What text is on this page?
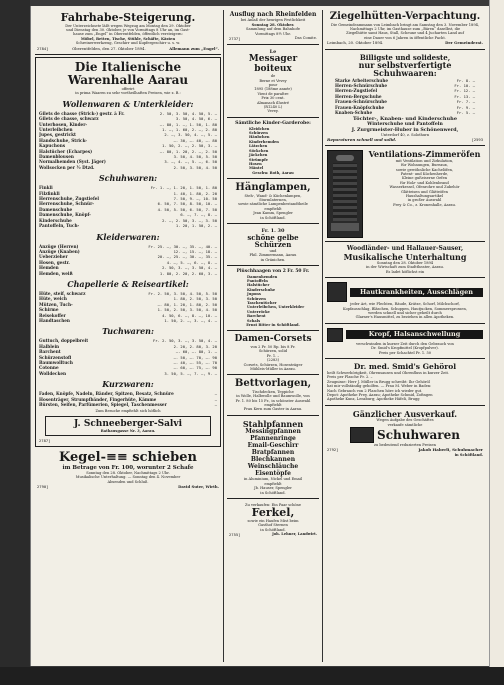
Fahrhabe-Steigerung.
Der Unterzeichnete läßt wegen Wegzug am Montag den 29. Oktober
und Dienstag den 30. Oktober, je von Vormittags 8 Uhr an, im Gast-
hause zum „Engel“ in Oberentfelden, öffentlich versteigern:
Möbel, Betten, Tische, Stühle, Schäfte, Kästen
Schreinerwerkzeug, Geschirr und Kupfergeschirr u. s. w.
2784]	Oberentfelden, den 27. Oktober 1894.	Allemann zum „Engel“.
Die Italienische Warenhalle Aarau
offerirt
in prima Waaren zu sehr vortheilhaften Preisen, wie z. B.:
Wollenwaren & Unterkleider:
Gilets de chasse (Strick-) gestr. à Fr.	2. 50, 3. 50, 4. 50, 5. –
Gilets de chasse, schwarz	3. 50, 4. 50, 6. –
Unterhosen, Kinder-	–. 80, 1. –, 1. 50, 1. 80
Unterleibchen	1. –, 1. 60, 2. –, 2. 80
Jupes, gestrickt	2. –, 3. 50, 4. –, 5. –
Handschuhe, Strick-	–. 30, –. 40, –. 80
Kapuchons	1. 50, 2. –, 2. 50, 3. –
Halstücher (Echarpes)	–. 80, 1. 20, 2. –, 2. 50
Damenblousen	3. 50, 4. 50, 5. 50
Normalhemden (Syst. Jäger)	3. –, 4. –, 5. –, 6. 50
Wollsocken per ½ Dtzd.	2. 50, 3. 50, 4. 50
Schuhwaren:
Finkli	Fr. 1. –, 1. 20, 1. 50, 1. 80
Filzfinkli	1. 40, 1. 80, 2. 20
Herrenschuhe, Zugstiefel	7. 50, 9. –, 10. 50
Herrenschuhe, Schnür-	6. 50, 7. 50, 8. 50, 10. –
Damenschuhe	4. 50, 5. 50, 6. 50, 7. 50
Damenschuhe, Knöpf-	6. –, 7. –, 8. –
Kinderschuhe	2. –, 2. 50, 3. –, 3. 50
Pantoffeln, Tuch-	1. 20, 1. 50, 2. –
Kleiderwaren:
Anzüge (Herren)	Fr. 25. –, 30. –, 35. –, 40. –
Anzüge (Knaben)	12. –, 15. –, 18. –
Ueberzieher	20. –, 25. –, 30. –, 35. –
Hosen, gestr.	4. –, 5. –, 6. –, 8. –
Hemden	2. 50, 3. –, 3. 50, 4. –
Hemden, weiß	1. 80, 2. 20, 2. 60, 3. –
Chapellerie & Reiseartikel:
Hüte, steif, schwarz	Fr. 2. 50, 3. 50, 4. 50, 5. 50
Hüte, weich	1. 80, 2. 50, 3. 50
Mützen, Tuch-	–. 80, 1. 20, 1. 80, 2. 50
Schirme	1. 50, 2. 50, 3. 50, 4. 50
Reisekoffer	4. 50, 6. –, 8. –, 10. –
Handtaschen	1. 50, 2. –, 3. –, 4. –
Tuchwaren:
Guttuch, doppelbreit	Fr. 2. 50, 3. –, 3. 50, 4. –
Halblein	2. 20, 2. 80, 3. 20
Barchent	–. 60, –. 80, 1. –
Schürzenstoff	–. 50, –. 70, –. 90
Baumwolltuch	–. 40, –. 55, –. 70
Cotonne	–. 60, –. 75, –. 90
Wolldecken	3. 50, 5. –, 7. –, 9. –
Kurzwaren:
Faden, Knöpfe, Nadeln, Bänder, Spitzen, Besatz, Schnüre	—
Hosenträger, Strumpfbänder, Fingerhüte, Kämme	—
Bürsten, Seifen, Parfümerien, Spiegel, Taschenmesser	—
Zum Besuche empfiehlt sich höflich
J. Schneeberger-Salvi
Rathausgasse Nr. 3, Aarau.
2787]
Kegel-≡≡ schieben
im Betrage von Fr. 100, worunter 2 Schafe
Sonntag den 28. Oktober, Nachmittags 2 Uhr.
Musikalische Unterhaltung. — Sonntag den 4. November
Absenden und Schluß.
2790]	David Suter, Wirth.
Ausflug nach Rheinfelden
bei Anlaß der heurigen Festlichkeit
Sonntag 28. Oktober.
Sammlung auf dem Bahnhofe
Vormittags 8½ Uhr.
2737]	Das Comite.
Le
Messager boiteux
de
Berne et Vevey
pour
1895 (188me année)
Vient de paraître
Prix 30 cent.
Almanach illustré
(R1240 L)
Vevey.
Sämtliche Kinder-Garderobe:
Kleidchen
Schürzen
Häubchen
Kinderhemden
Lätzchen
Söckchen
Jäckchen
Strümpfe
Hosen
Mäntel
Geschw. Roth, Aarau
Hänglampen,
Steh-, Wand- & Küchenlampen,
Sturmlaternen,
sowie sämtliche Lampenbestandtheile
empfiehlt
Jean Kamm, Spengler
in Schöftland.
Fr. 1. 30
schöne gelbe Schürzen
und
Phil. Zimmermann, Aarau
in Gränichen.
Plüschhaagen von 2 Fr. 50 Fr.
Damenhemden
Pantoffeln
Halstücher
Kinderschuhe
Jupons
Schürzen
Taschentücher
Unterleibchen, Unterkleider
Unterröcke
Barchent
Schals
Ernst Ritter in Schöftland.
Damen-Corsets
von 2 Fr. 50 Rp. bis 8 Fr.
Schürzen, solid
Fr. 1. –
(2283)
Corsets, Schürzen, Hosenträger
Mühleis-Müller in Aarau.
Bettvorlagen,
Tischdecken, Teppiche
in Wolle, Halbwolle und Baumwolle, von
Fr. 1. 80 bis 15 Fr., in schönster Auswahl
empfiehlt
Frau Kern zum Gaster in Aarau.
Stahlpfannen
Messingpfannen
Pfannenringe
Email-Geschirr
Bratpfannen
Blechkannen
Weinschläuche
Eisentöpfe
in Aluminium, Nickel und Email
empfiehlt
Jb. Hauser, Spengler
in Schöftland.
Zu verkaufen: Ein Paar schöne
Ferkel,
sowie ein Haufen Mist beim
Gasthof Sternen
in Schöftland.
2755]	Joh. Lehner, Landwirt.
Ziegelhütten-Verpachtung.
Die Gemeindeammann von Leimbach bringt am Samstag den 3. November 1894,
Nachmittags 2 Uhr, im Gasthause zum „Bären“ daselbst, die
Ziegelhütte samt Haus, Stall, Scheune und 4 Jucharten Land auf
eine Dauer von 6 Jahren in öffentliche Pacht.
Leimbach, 20. Oktober 1894.	Der Gemeinderat.
Billigste und solideste,
nur selbstverfertigte Schuhwaaren:
Starke Arbeiterschuhe	Fr. 8. –
Herren-Schnürschuhe	Fr. 10. –
Herren-Zugstiefel	Fr. 12. –
Herren-Bergschuhe	Fr. 13. –
Frauen-Schnürschuhe	Fr. 7. –
Frauen-Knöpfschuhe	Fr. 9. –
Knaben-Schuhe	Fr. 5. –
Töchter-, Knaben- und Kinderschuhe
Winterschuhe und Pantoffeln
J. Zurgrmeister-Huber in Schönenwerd,
Unterdorf 40, z. Solothurn
Reparaturen schnell und solid.	[2593
Ventilations-Zimmeröfen
mit Ventilation und Zirkulation,
für Wohnungen, Bureaux,
sowie gewöhnliche Kachelöfen,
Patent- und Küchenherde,
Kleine gußeiserne Oefen
für Holz- und Kohlenbrand
Wasserkessel, Ofenrohre und Zubehör
Glätteisen und Glätteöfen
Haushaltungsartikel
in großer Auswahl
Frey & Co., z. Kronenhalle, Aarau.
Woodländer- und Hallauer-Sauser,
Musikalische Unterhaltung
Sonntag den 28. Oktober 1894
in der Wirtschaft zum Stadttheater, Aarau.
Es ladet höflichst ein
Hautkrankheiten, Ausschlägen
jeder Art, wie Flechten, Räude, Krätze, Schorf, Milchschorf,
Kopfausschlag, Bläschen, Schuppen, Hautjucken, Sommersprossen,
werden schnell und sicher geheilt durch
Glarner's Hausmittel, zu beziehen in allen Apotheken.
Kropf, Halsanschwellung
verschwinden in kurzer Zeit durch den Gebrauch von
Dr. Smid's Kropfmittel (Kropfpulver).
Preis per Schachtel Fr. 1. 50
Dr. med. Smid's Gehörol
heilt Schwerhörigkeit, Ohrensausen und Ohrenfluss in kurzer Zeit.
Preis per Flasche Fr. 2. –
Zeugnisse: Herr J. Müller in Brugg schreibt: Ihr Gehöröl
hat mir vollständig geholfen. — Frau M. Weber in Baden:
Nach Gebrauch von 2 Flaschen höre ich wieder gut.
Depot: Apotheke Frey, Aarau; Apotheke Schmid, Zofingen
Apotheke Kunz, Lenzburg; Apotheke Häfeli, Brugg
Gänzlicher Ausverkauf.
Wegen Aufgabe des Geschäftes
verkaufe sämtliche
Schuhwaren
zu bedeutend reduzierten Preisen
2792]	Jakob Haberli, Schuhmacher
in Schöftland.
